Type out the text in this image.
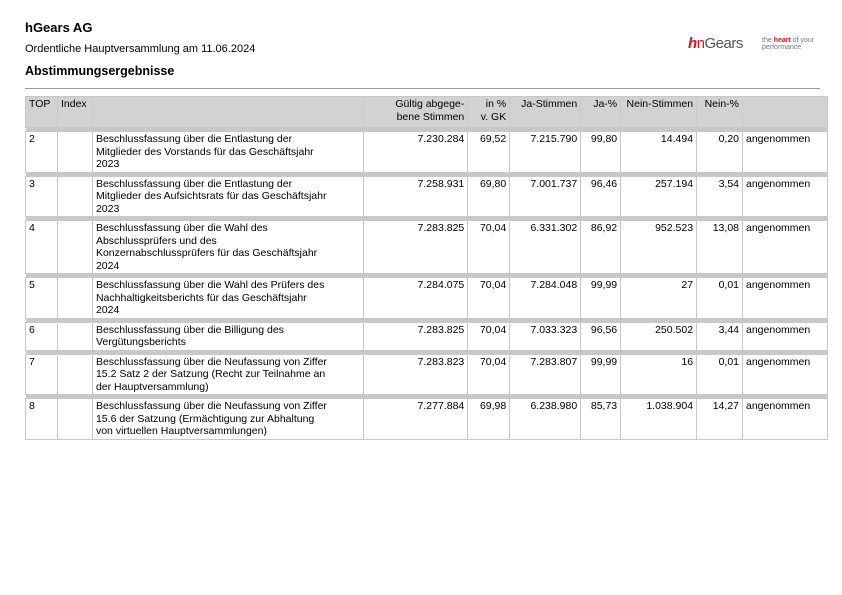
hGears AG
Ordentliche Hauptversammlung am 11.06.2024
Abstimmungsergebnisse
hnGears	the heart of your
performance
TOP	Index		Gültig abgege-
bene Stimmen	in %
v. GK	Ja-Stimmen	Ja-%	Nein-Stimmen	Nein-%	

2		Beschlussfassung über die Entlastung der
Mitglieder des Vorstands für das Geschäftsjahr
2023	7.230.284	69,52	7.215.790	99,80	14.494	0,20	angenommen

3		Beschlussfassung über die Entlastung der
Mitglieder des Aufsichtsrats für das Geschäftsjahr
2023	7.258.931	69,80	7.001.737	96,46	257.194	3,54	angenommen

4		Beschlussfassung über die Wahl des
Abschlussprüfers und des
Konzernabschlussprüfers für das Geschäftsjahr
2024	7.283.825	70,04	6.331.302	86,92	952.523	13,08	angenommen

5		Beschlussfassung über die Wahl des Prüfers des
Nachhaltigkeitsberichts für das Geschäftsjahr
2024	7.284.075	70,04	7.284.048	99,99	27	0,01	angenommen

6		Beschlussfassung über die Billigung des
Vergütungsberichts	7.283.825	70,04	7.033.323	96,56	250.502	3,44	angenommen

7		Beschlussfassung über die Neufassung von Ziffer
15.2 Satz 2 der Satzung (Recht zur Teilnahme an
der Hauptversammlung)	7.283.823	70,04	7.283.807	99,99	16	0,01	angenommen

8		Beschlussfassung über die Neufassung von Ziffer
15.6 der Satzung (Ermächtigung zur Abhaltung
von virtuellen Hauptversammlungen)	7.277.884	69,98	6.238.980	85,73	1.038.904	14,27	angenommen
